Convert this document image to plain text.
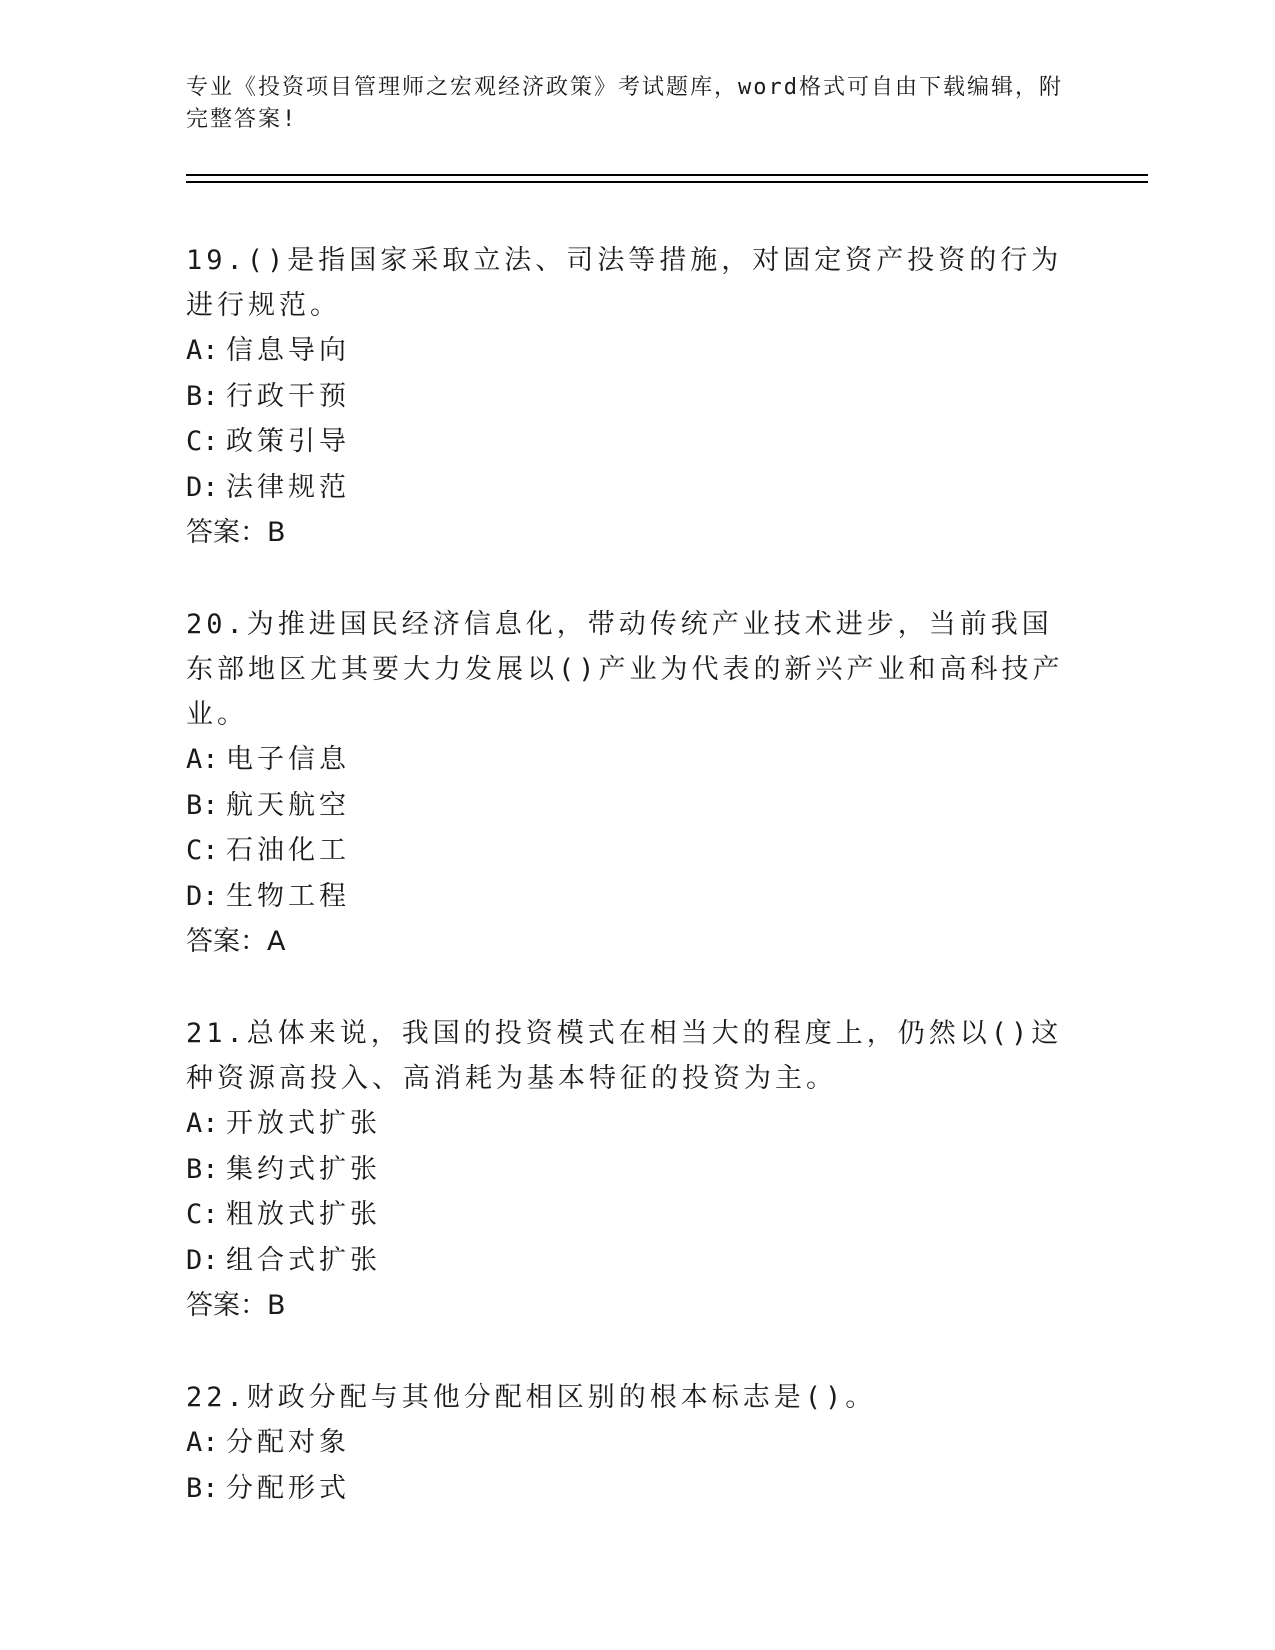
专业《投资项目管理师之宏观经济政策》考试题库，word格式可自由下载编辑，附完整答案!
19.()是指国家采取立法、司法等措施，对固定资产投资的行为进行规范。
A: 信息导向
B: 行政干预
C: 政策引导
D: 法律规范
答案：B
20.为推进国民经济信息化，带动传统产业技术进步，当前我国东部地区尤其要大力发展以()产业为代表的新兴产业和高科技产业。
A: 电子信息
B: 航天航空
C: 石油化工
D: 生物工程
答案：A
21.总体来说，我国的投资模式在相当大的程度上，仍然以()这种资源高投入、高消耗为基本特征的投资为主。
A: 开放式扩张
B: 集约式扩张
C: 粗放式扩张
D: 组合式扩张
答案：B
22.财政分配与其他分配相区别的根本标志是()。
A: 分配对象
B: 分配形式
